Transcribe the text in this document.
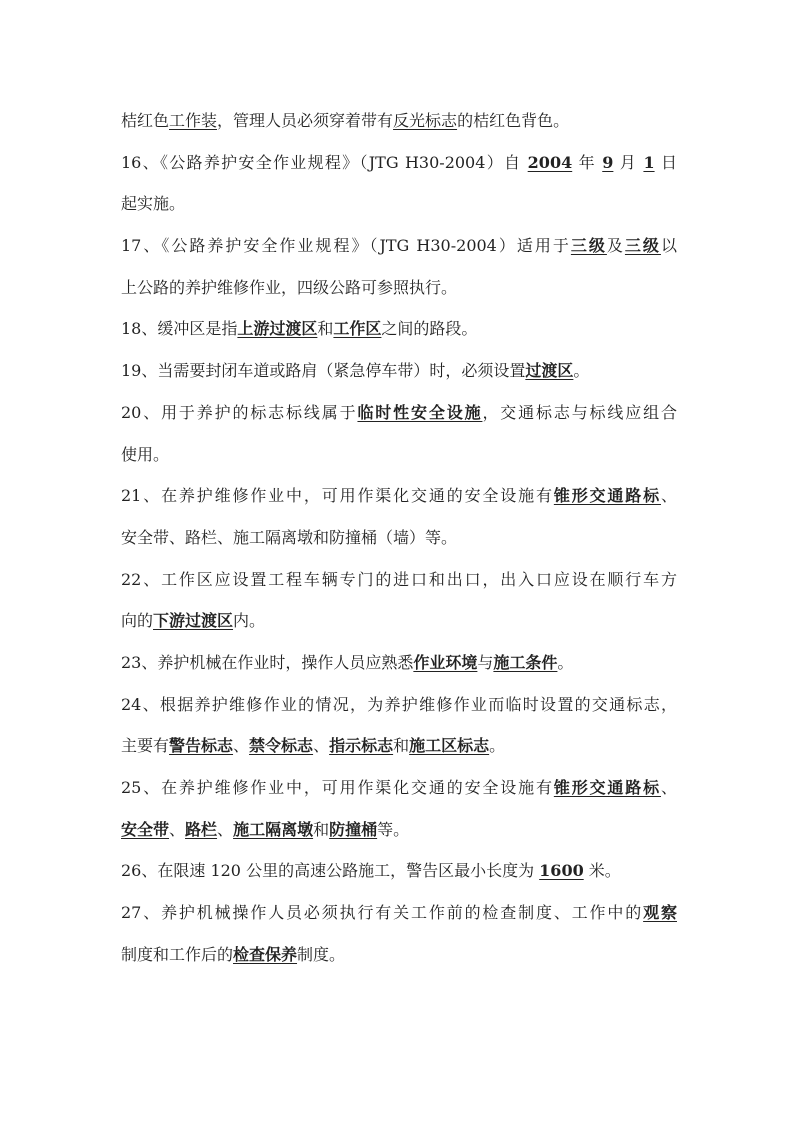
桔红色工作装，管理人员必须穿着带有反光标志的桔红色背色。
16、《公路养护安全作业规程》（JTG H30-2004）自 2004 年 9 月 1 日
起实施。
17、《公路养护安全作业规程》（JTG H30-2004）适用于三级及三级以
上公路的养护维修作业，四级公路可参照执行。
18、缓冲区是指上游过渡区和工作区之间的路段。
19、当需要封闭车道或路肩（紧急停车带）时，必须设置过渡区。
20、用于养护的标志标线属于临时性安全设施，交通标志与标线应组合
使用。
21、在养护维修作业中，可用作渠化交通的安全设施有锥形交通路标、
安全带、路栏、施工隔离墩和防撞桶（墙）等。
22、工作区应设置工程车辆专门的进口和出口，出入口应设在顺行车方
向的下游过渡区内。
23、养护机械在作业时，操作人员应熟悉作业环境与施工条件。
24、根据养护维修作业的情况，为养护维修作业而临时设置的交通标志，
主要有警告标志、禁令标志、指示标志和施工区标志。
25、在养护维修作业中，可用作渠化交通的安全设施有锥形交通路标、
安全带、路栏、施工隔离墩和防撞桶等。
26、在限速 120 公里的高速公路施工，警告区最小长度为 1600 米。
27、养护机械操作人员必须执行有关工作前的检查制度、工作中的观察
制度和工作后的检查保养制度。
